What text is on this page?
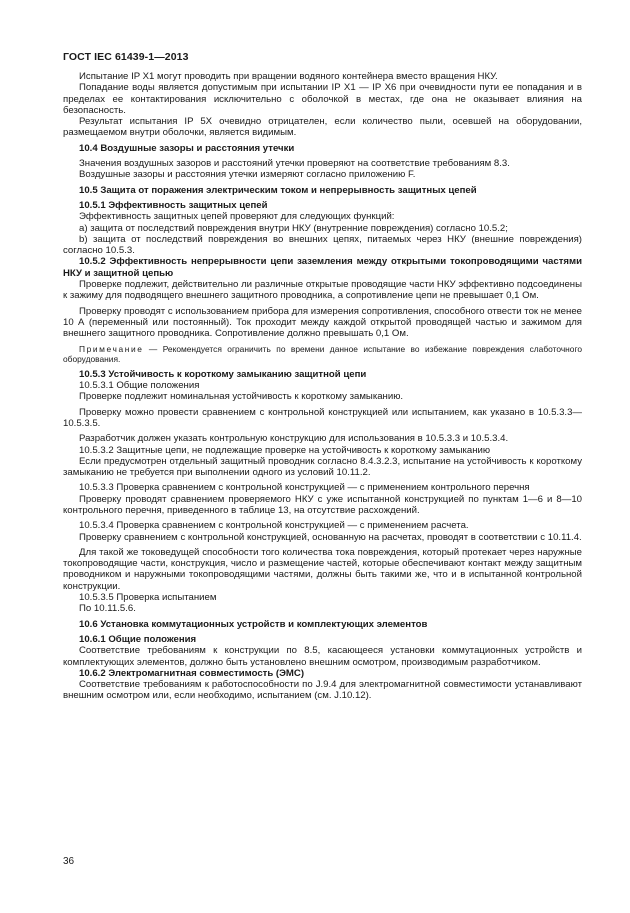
ГОСТ IEC 61439-1—2013

Испытание IP X1 могут проводить при вращении водяного контейнера вместо вращения НКУ.

Попадание воды является допустимым при испытании IP X1 — IP X6 при очевидности пути ее попадания и в пределах ее контактирования исключительно с оболочкой в местах, где она не оказывает влияния на безопасность.

Результат испытания IP 5X очевидно отрицателен, если количество пыли, осевшей на оборудовании, размещаемом внутри оболочки, является видимым.

10.4 Воздушные зазоры и расстояния утечки

Значения воздушных зазоров и расстояний утечки проверяют на соответствие требованиям 8.3.

Воздушные зазоры и расстояния утечки измеряют согласно приложению F.

10.5 Защита от поражения электрическим током и непрерывность защитных цепей

10.5.1 Эффективность защитных цепей

Эффективность защитных цепей проверяют для следующих функций:

а) защита от последствий повреждения внутри НКУ (внутренние повреждения) согласно 10.5.2;

b) защита от последствий повреждения во внешних цепях, питаемых через НКУ (внешние повреждения) согласно 10.5.3.

10.5.2 Эффективность непрерывности цепи заземления между открытыми токопроводящими частями НКУ и защитной цепью

Проверке подлежит, действительно ли различные открытые проводящие части НКУ эффективно подсоединены к зажиму для подводящего внешнего защитного проводника, а сопротивление цепи не превышает 0,1 Ом.

Проверку проводят с использованием прибора для измерения сопротивления, способного отвести ток не менее 10 А (переменный или постоянный). Ток проходит между каждой открытой проводящей частью и зажимом для внешнего защитного проводника. Сопротивление должно превышать 0,1 Ом.

Примечание — Рекомендуется ограничить по времени данное испытание во избежание повреждения слаботочного оборудования.

10.5.3 Устойчивость к короткому замыканию защитной цепи

10.5.3.1 Общие положения

Проверке подлежит номинальная устойчивость к короткому замыканию.

Проверку можно провести сравнением с контрольной конструкцией или испытанием, как указано в 10.5.3.3—10.5.3.5.

Разработчик должен указать контрольную конструкцию для использования в 10.5.3.3 и 10.5.3.4.

10.5.3.2 Защитные цепи, не подлежащие проверке на устойчивость к короткому замыканию

Если предусмотрен отдельный защитный проводник согласно 8.4.3.2.3, испытание на устойчивость к короткому замыканию не требуется при выполнении одного из условий 10.11.2.

10.5.3.3 Проверка сравнением с контрольной конструкцией — с применением контрольного перечня

Проверку проводят сравнением проверяемого НКУ с уже испытанной конструкцией по пунктам 1—6 и 8—10 контрольного перечня, приведенного в таблице 13, на отсутствие расхождений.

10.5.3.4 Проверка сравнением с контрольной конструкцией — с применением расчета.

Проверку сравнением с контрольной конструкцией, основанную на расчетах, проводят в соответствии с 10.11.4.

Для такой же токоведущей способности того количества тока повреждения, который протекает через наружные токопроводящие части, конструкция, число и размещение частей, которые обеспечивают контакт между защитным проводником и наружными токопроводящими частями, должны быть такими же, что и в испытанной контрольной конструкции.

10.5.3.5 Проверка испытанием

По 10.11.5.6.

10.6 Установка коммутационных устройств и комплектующих элементов

10.6.1 Общие положения

Соответствие требованиям к конструкции по 8.5, касающееся установки коммутационных устройств и комплектующих элементов, должно быть установлено внешним осмотром, производимым разработчиком.

10.6.2 Электромагнитная совместимость (ЭМС)

Соответствие требованиям к работоспособности по J.9.4 для электромагнитной совместимости устанавливают внешним осмотром или, если необходимо, испытанием (см. J.10.12).

36
